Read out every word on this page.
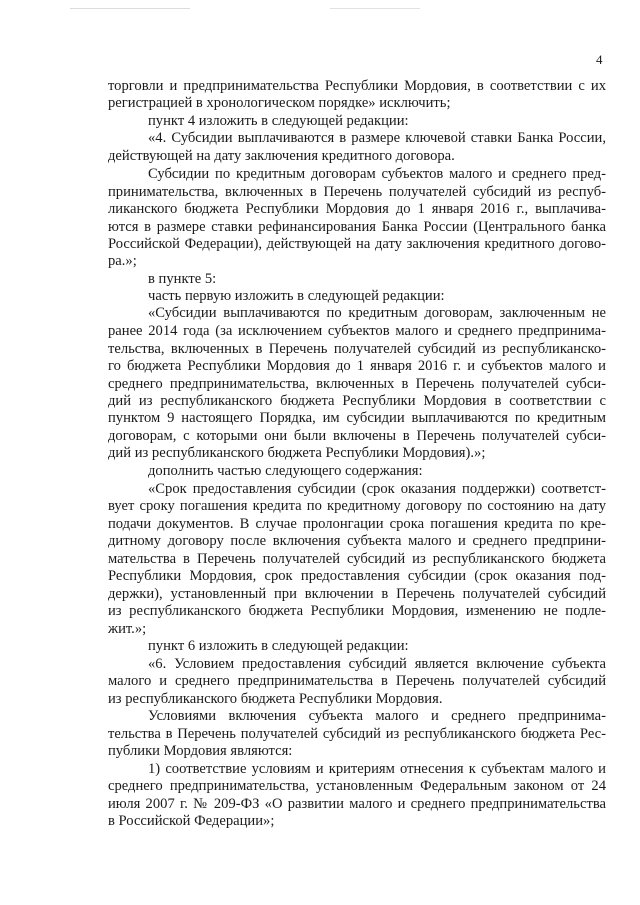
4
торговли и предпринимательства Республики Мордовия, в соответствии с их
регистрацией в хронологическом порядке» исключить;
пункт 4 изложить в следующей редакции:
«4. Субсидии выплачиваются в размере ключевой ставки Банка России,
действующей на дату заключения кредитного договора.
Субсидии по кредитным договорам субъектов малого и среднего пред-
принимательства, включенных в Перечень получателей субсидий из респуб-
ликанского бюджета Республики Мордовия до 1 января 2016 г., выплачива-
ются в размере ставки рефинансирования Банка России (Центрального банка
Российской Федерации), действующей на дату заключения кредитного догово-
ра.»;
в пункте 5:
часть первую изложить в следующей редакции:
«Субсидии выплачиваются по кредитным договорам, заключенным не
ранее 2014 года (за исключением субъектов малого и среднего предпринима-
тельства, включенных в Перечень получателей субсидий из республиканско-
го бюджета Республики Мордовия до 1 января 2016 г. и субъектов малого и
среднего предпринимательства, включенных в Перечень получателей субси-
дий из республиканского бюджета Республики Мордовия в соответствии с
пунктом 9 настоящего Порядка, им субсидии выплачиваются по кредитным
договорам, с которыми они были включены в Перечень получателей субси-
дий из республиканского бюджета Республики Мордовия).»;
дополнить частью следующего содержания:
«Срок предоставления субсидии (срок оказания поддержки) соответст-
вует сроку погашения кредита по кредитному договору по состоянию на дату
подачи документов. В случае пролонгации срока погашения кредита по кре-
дитному договору после включения субъекта малого и среднего предприни-
мательства в Перечень получателей субсидий из республиканского бюджета
Республики Мордовия, срок предоставления субсидии (срок оказания под-
держки), установленный при включении в Перечень получателей субсидий
из республиканского бюджета Республики Мордовия, изменению не подле-
жит.»;
пункт 6 изложить в следующей редакции:
«6. Условием предоставления субсидий является включение субъекта
малого и среднего предпринимательства в Перечень получателей субсидий
из республиканского бюджета Республики Мордовия.
Условиями включения субъекта малого и среднего предпринима-
тельства в Перечень получателей субсидий из республиканского бюджета Рес-
публики Мордовия являются:
1) соответствие условиям и критериям отнесения к субъектам малого и
среднего предпринимательства, установленным Федеральным законом от 24
июля 2007 г. № 209-ФЗ «О развитии малого и среднего предпринимательства
в Российской Федерации»;
